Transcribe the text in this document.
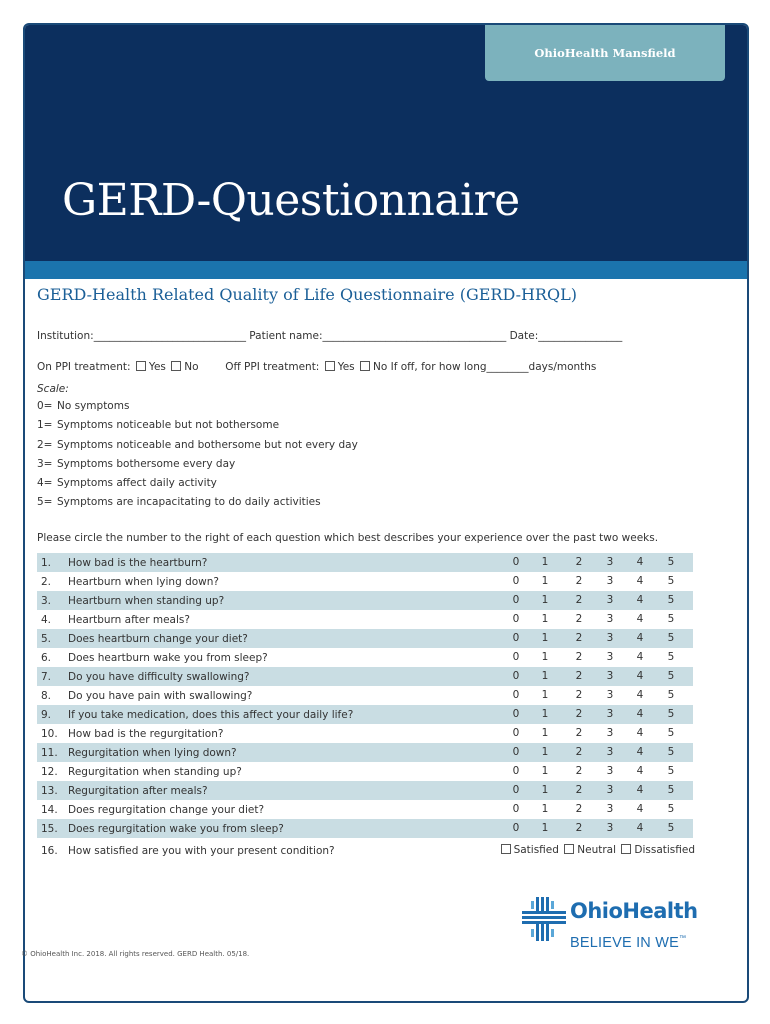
OhioHealth Mansfield
GERD-Questionnaire
GERD-Health Related Quality of Life Questionnaire (GERD-HRQL)
Institution:_____________________________ Patient name:___________________________________ Date:________________
On PPI treatment: Yes No	Off PPI treatment: Yes No If off, for how long________days/months
Scale:
0= No symptoms
1= Symptoms noticeable but not bothersome
2= Symptoms noticeable and bothersome but not every day
3= Symptoms bothersome every day
4= Symptoms affect daily activity
5= Symptoms are incapacitating to do daily activities
Please circle the number to the right of each question which best describes your experience over the past two weeks.
1.	How bad is the heartburn?	0	1	2	3	4	5
2.	Heartburn when lying down?	0	1	2	3	4	5
3.	Heartburn when standing up?	0	1	2	3	4	5
4.	Heartburn after meals?	0	1	2	3	4	5
5.	Does heartburn change your diet?	0	1	2	3	4	5
6.	Does heartburn wake you from sleep?	0	1	2	3	4	5
7.	Do you have difficulty swallowing?	0	1	2	3	4	5
8.	Do you have pain with swallowing?	0	1	2	3	4	5
9.	If you take medication, does this affect your daily life?	0	1	2	3	4	5
10. How bad is the regurgitation?	0	1	2	3	4	5
11. Regurgitation when lying down?	0	1	2	3	4	5
12. Regurgitation when standing up?	0	1	2	3	4	5
13. Regurgitation after meals?	0	1	2	3	4	5
14. Does regurgitation change your diet?	0	1	2	3	4	5
15. Does regurgitation wake you from sleep?	0	1	2	3	4	5
16. How satisfied are you with your present condition?	Satisfied Neutral Dissatisfied
OhioHealth
BELIEVE IN WE™
© OhioHealth Inc. 2018. All rights reserved. GERD Health. 05/18.
